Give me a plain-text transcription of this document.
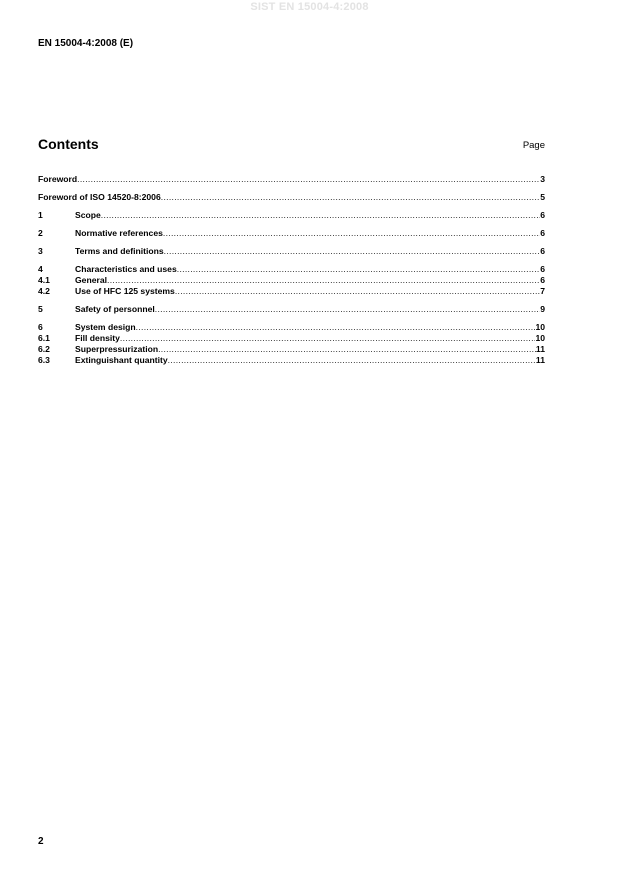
SIST EN 15004-4:2008
EN 15004-4:2008 (E)
Contents	Page
Foreword .....	3
Foreword of ISO 14520-8:2006 .....	5
1	Scope .....	6
2	Normative references .....	6
3	Terms and definitions .....	6
4	Characteristics and uses .....	6
4.1	General .....	6
4.2	Use of HFC 125 systems .....	7
5	Safety of personnel .....	9
6	System design .....	10
6.1	Fill density .....	10
6.2	Superpressurization .....	11
6.3	Extinguishant quantity .....	11
2
